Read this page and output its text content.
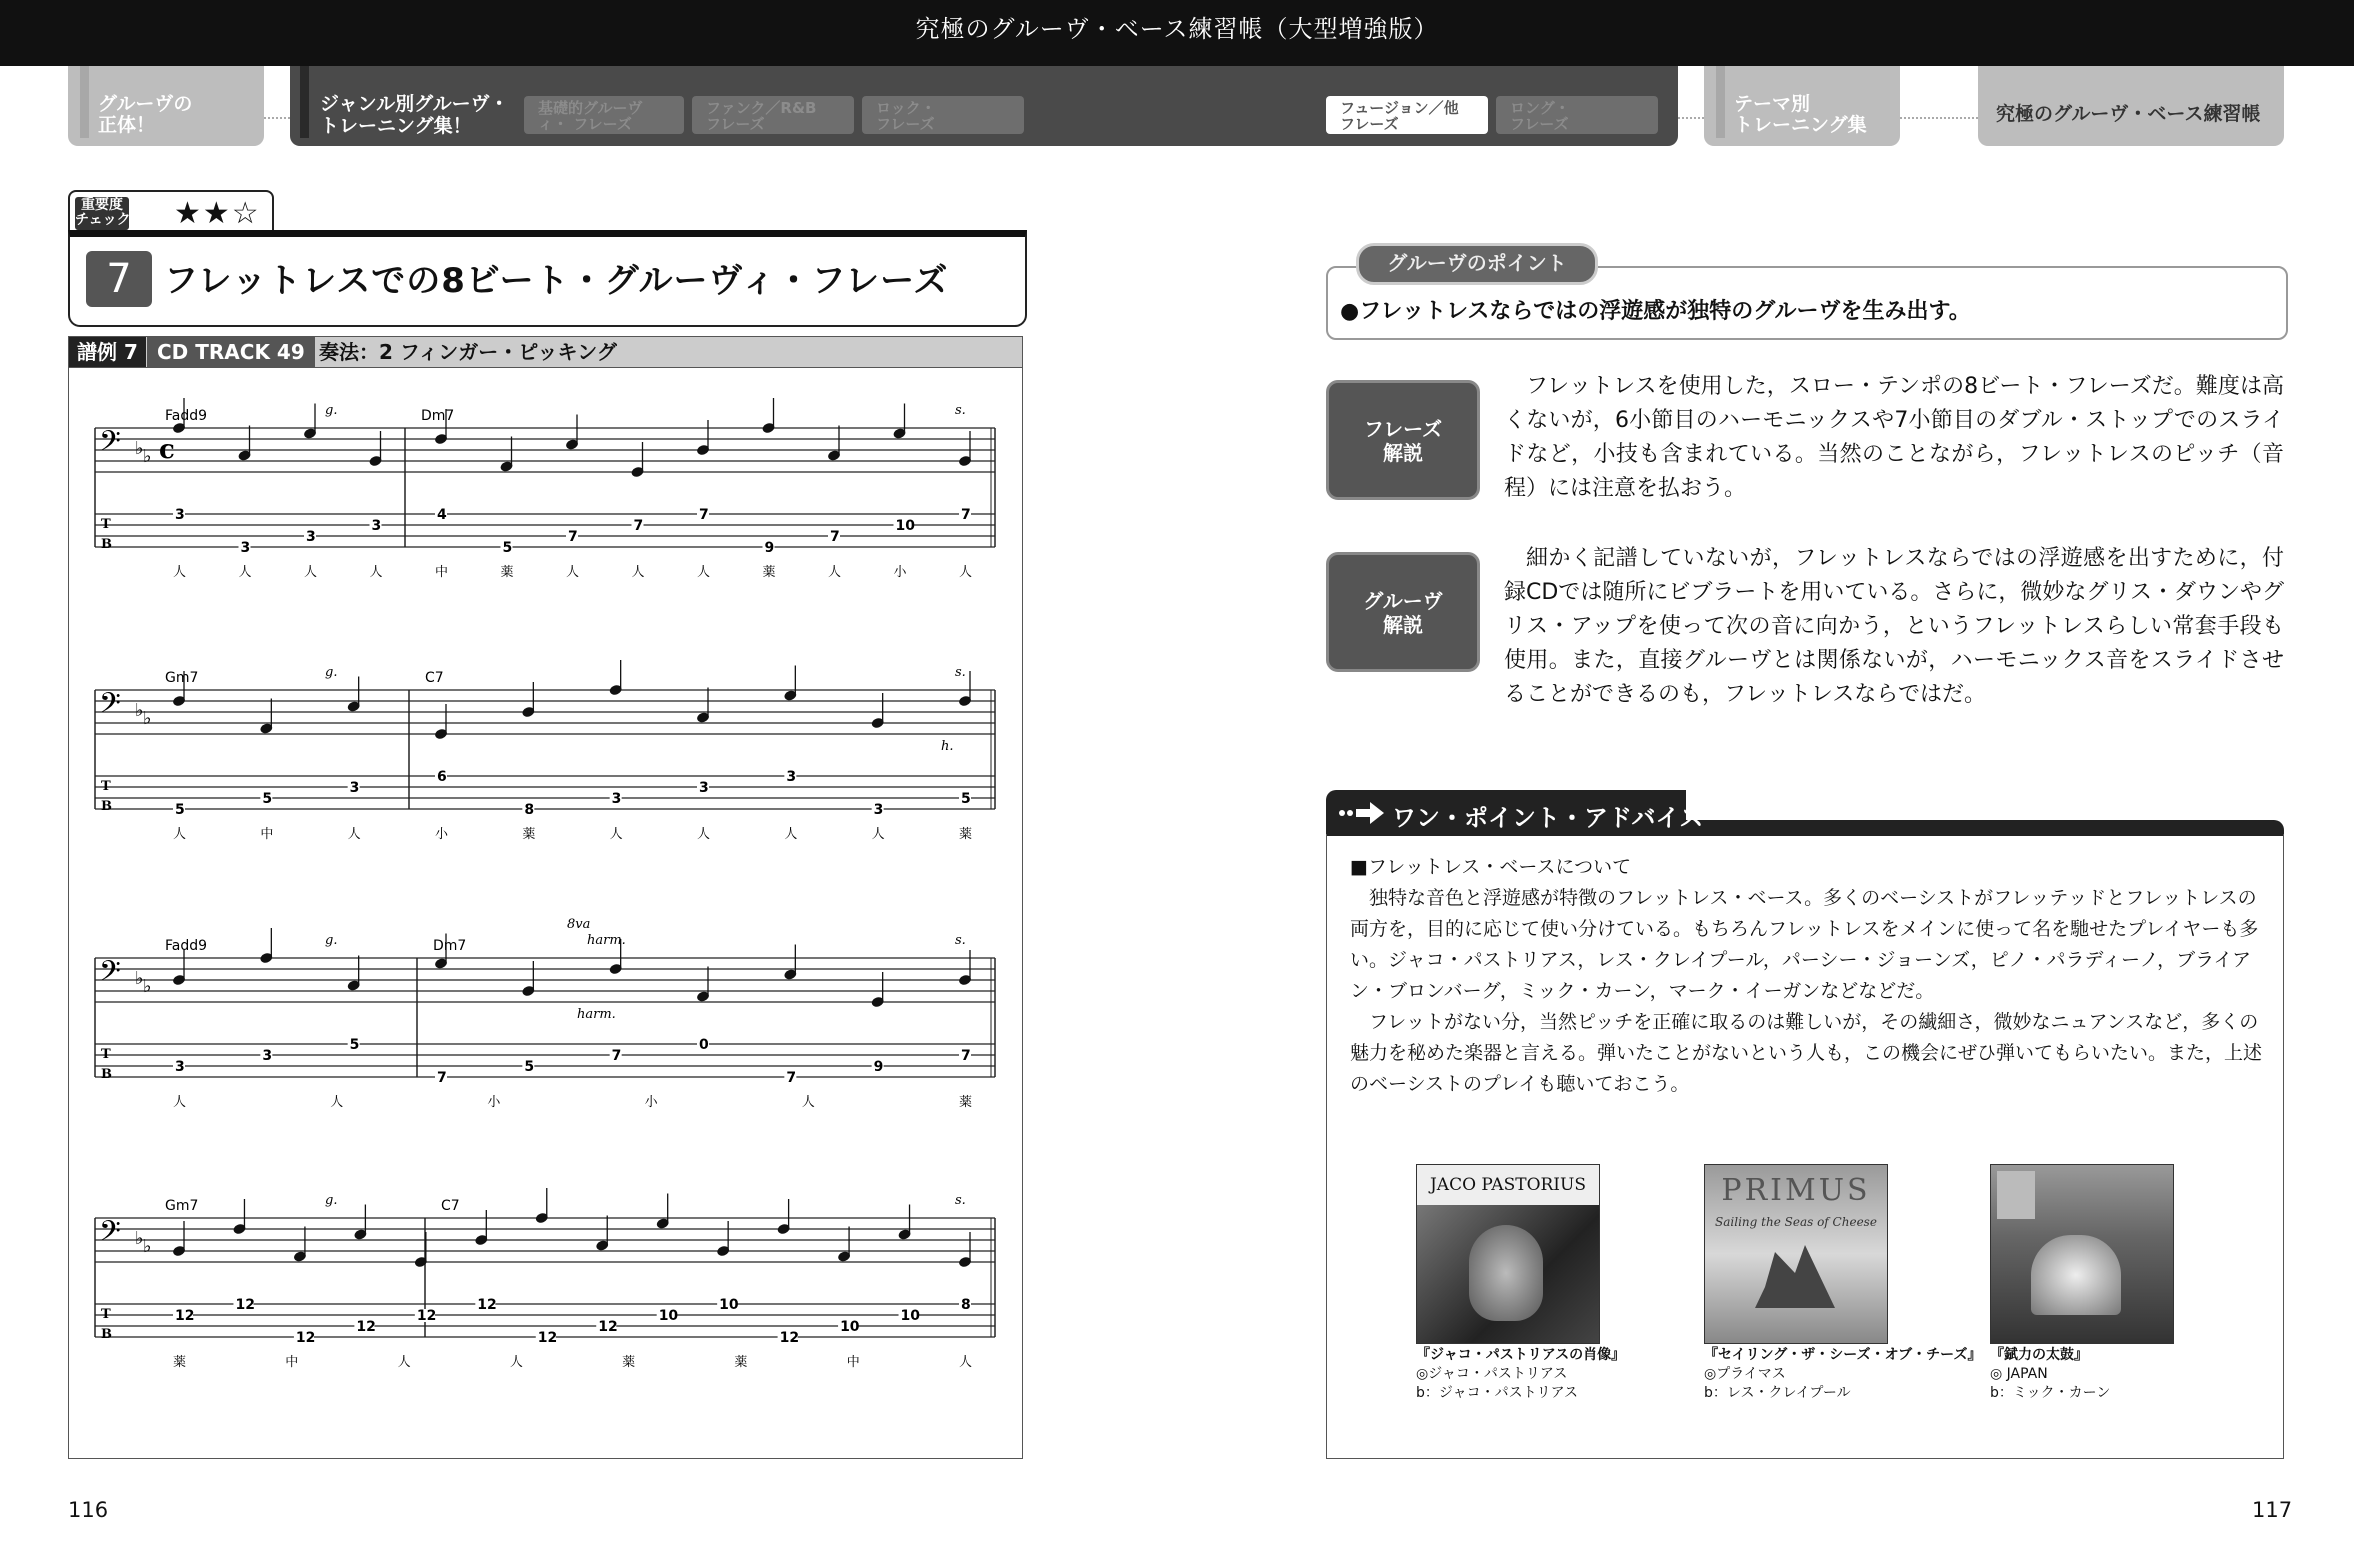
究極のグルーヴ・ベース練習帳（大型増強版）
グルーヴの
正体！
ジャンル別グルーヴ・
トレーニング集！
基礎的グルーヴィ・ フレーズ
ファンク／R&B
フレーズ
ロック・
フレーズ
フュージョン／他
フレーズ
ロング・
フレーズ
テーマ別
トレーニング集	究極のグルーヴ・ベース練習帳
重要度
チェック ★★☆
7 フレットレスでの8ビート・グルーヴィ・フレーズ
譜例 7 CD TRACK 49 奏法：2 フィンガー・ピッキング
Fadd9	Dm7
𝄢 ♭ ♭ c
T
B
3
3
3
3
4
5
7
7
7
9
7
10
7
人	人	人	人	中	薬	人	人	人	薬	人	小	人
g.	s.
Gm7	C7
𝄢 ♭ ♭
T
B	5
5
3
6
8
3
3
3
3
5
人	中	人	小	薬	人	人	人	人	薬
g.	s.
h.
Fadd9	Dm7
𝄢 ♭ ♭
T
B	3
3
5
7
5
7
0
7
9
7
人	人	小	小	人	薬
g.	s.
8va
harm.
harm.
Gm7	C7
𝄢 ♭ ♭
T
B
12
12
12
12
12
12
12
12
10
10
12
10
10
8
薬	中	人	人	薬	薬	中	人
g.	s.
116
グルーヴのポイント
●フレットレスならではの浮遊感が独特のグルーヴを生み出す。
フレーズ
解説
フレットレスを使用した，スロー・テンポの8ビート・フレーズだ。難度は高くないが，6小節目のハーモニックスや7小節目のダブル・ストップでのスライドなど，小技も含まれている。当然のことながら，フレットレスのピッチ（音程）には注意を払おう。
グルーヴ
解説
細かく記譜していないが，フレットレスならではの浮遊感を出すために，付録CDでは随所にビブラートを用いている。さらに，微妙なグリス・ダウンやグリス・アップを使って次の音に向かう，というフレットレスらしい常套手段も使用。また，直接グルーヴとは関係ないが，ハーモニックス音をスライドさせることができるのも，フレットレスならではだ。
ワン・ポイント・アドバイス
■フレットレス・ベースについて

独特な音色と浮遊感が特徴のフレットレス・ベース。多くのベーシストがフレッテッドとフレットレスの両方を，目的に応じて使い分けている。もちろんフレットレスをメインに使って名を馳せたプレイヤーも多い。ジャコ・パストリアス，レス・クレイプール，パーシー・ジョーンズ，ピノ・パラディーノ，ブライアン・ブロンバーグ，ミック・カーン，マーク・イーガンなどなどだ。

フレットがない分，当然ピッチを正確に取るのは難しいが，その繊細さ，微妙なニュアンスなど，多くの魅力を秘めた楽器と言える。弾いたことがないという人も，この機会にぜひ弾いてもらいたい。また，上述のベーシストのプレイも聴いておこう。

JACO PASTORIUS	PRIMUS
Sailing the Seas of Cheese
『ジャコ・パストリアスの肖像』
◎ジャコ・パストリアス
b：ジャコ・パストリアス
『セイリング・ザ・シーズ・オブ・チーズ』
◎プライマス
b：レス・クレイプール
『錻力の太鼓』
◎ JAPAN
b：ミック・カーン
117
